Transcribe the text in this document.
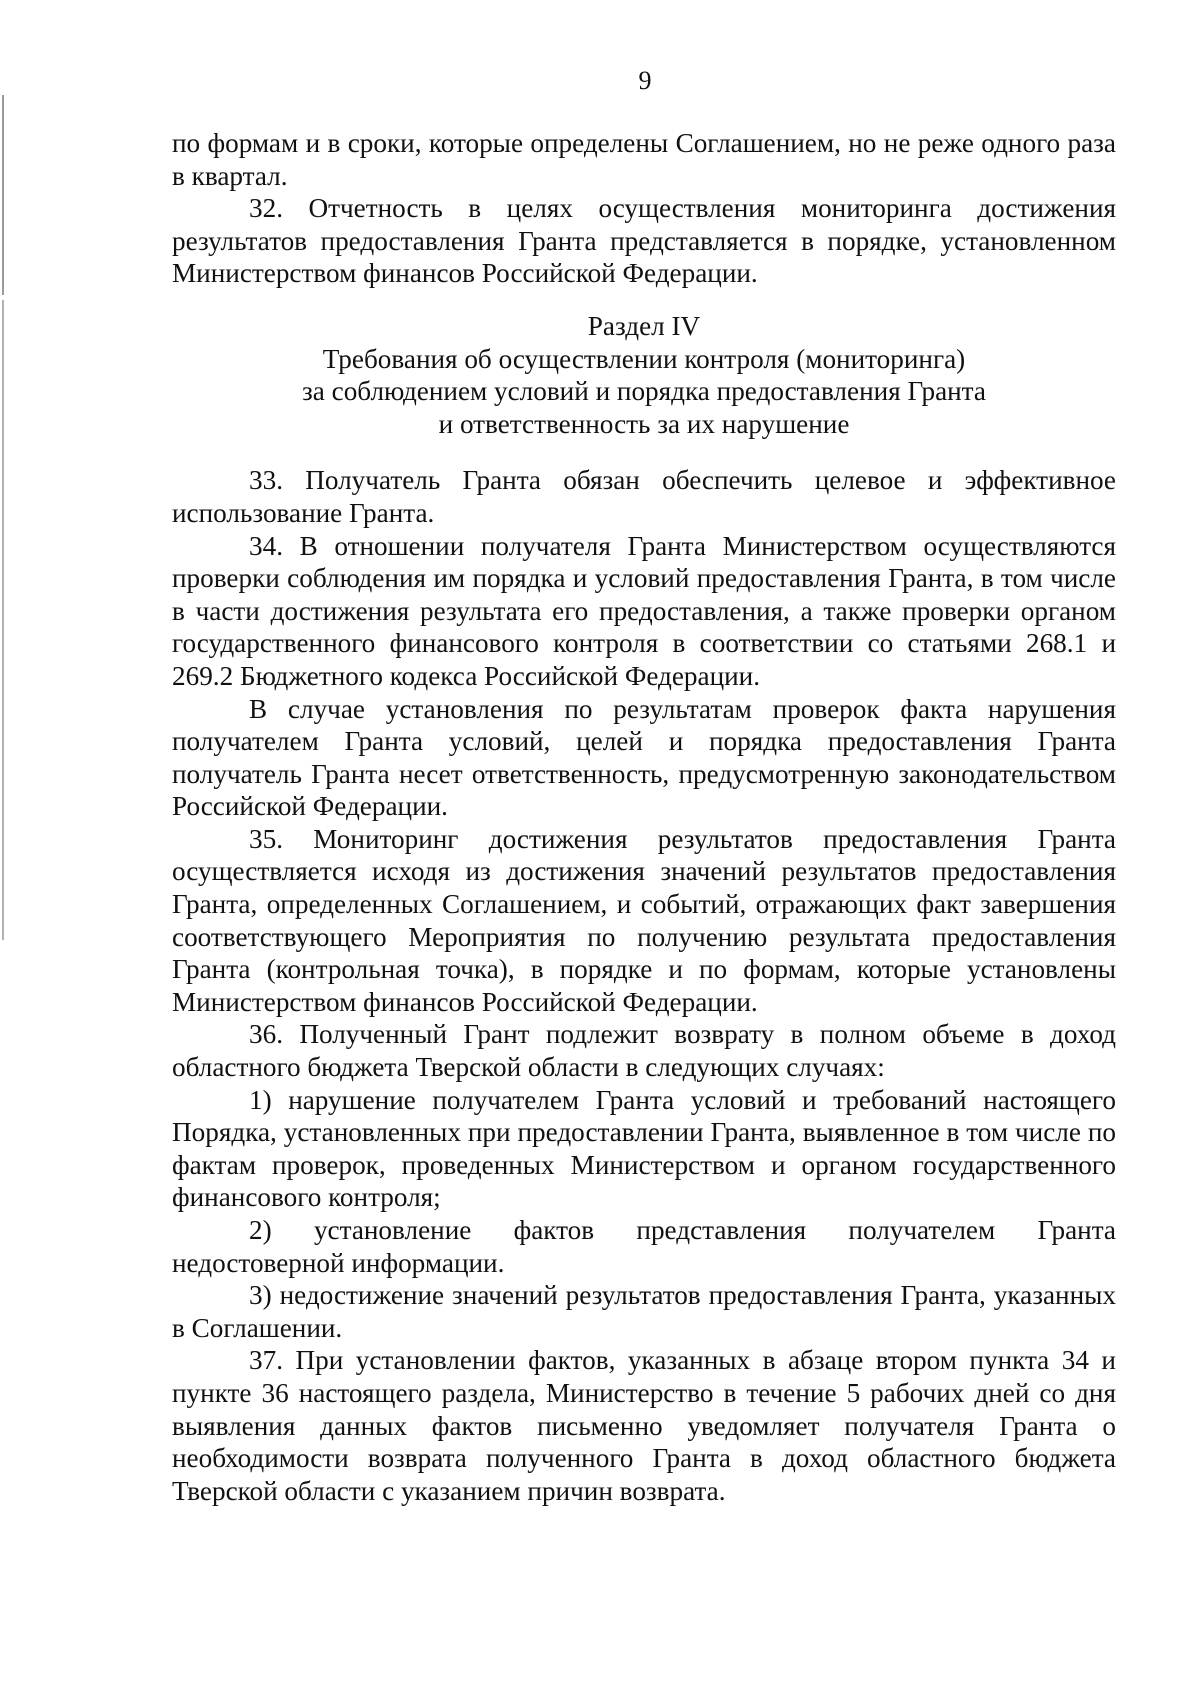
9

по формам и в сроки, которые определены Соглашением, но не реже одного раза в квартал.

32. Отчетность в целях осуществления мониторинга достижения результатов предоставления Гранта представляется в порядке, установленном Министерством финансов Российской Федерации.

Раздел IV
Требования об осуществлении контроля (мониторинга)
за соблюдением условий и порядка предоставления Гранта
и ответственность за их нарушение

33. Получатель Гранта обязан обеспечить целевое и эффективное использование Гранта.

34. В отношении получателя Гранта Министерством осуществляются проверки соблюдения им порядка и условий предоставления Гранта, в том числе в части достижения результата его предоставления, а также проверки органом государственного финансового контроля в соответствии со статьями 268.1 и 269.2 Бюджетного кодекса Российской Федерации.

В случае установления по результатам проверок факта нарушения получателем Гранта условий, целей и порядка предоставления Гранта получатель Гранта несет ответственность, предусмотренную законодательством Российской Федерации.

35. Мониторинг достижения результатов предоставления Гранта осуществляется исходя из достижения значений результатов предоставления Гранта, определенных Соглашением, и событий, отражающих факт завершения соответствующего Мероприятия по получению результата предоставления Гранта (контрольная точка), в порядке и по формам, которые установлены Министерством финансов Российской Федерации.

36. Полученный Грант подлежит возврату в полном объеме в доход областного бюджета Тверской области в следующих случаях:

1) нарушение получателем Гранта условий и требований настоящего Порядка, установленных при предоставлении Гранта, выявленное в том числе по фактам проверок, проведенных Министерством и органом государственного финансового контроля;

2) установление фактов представления получателем Гранта недостоверной информации.

3) недостижение значений результатов предоставления Гранта, указанных в Соглашении.

37. При установлении фактов, указанных в абзаце втором пункта 34 и пункте 36 настоящего раздела, Министерство в течение 5 рабочих дней со дня выявления данных фактов письменно уведомляет получателя Гранта о необходимости возврата полученного Гранта в доход областного бюджета Тверской области с указанием причин возврата.
